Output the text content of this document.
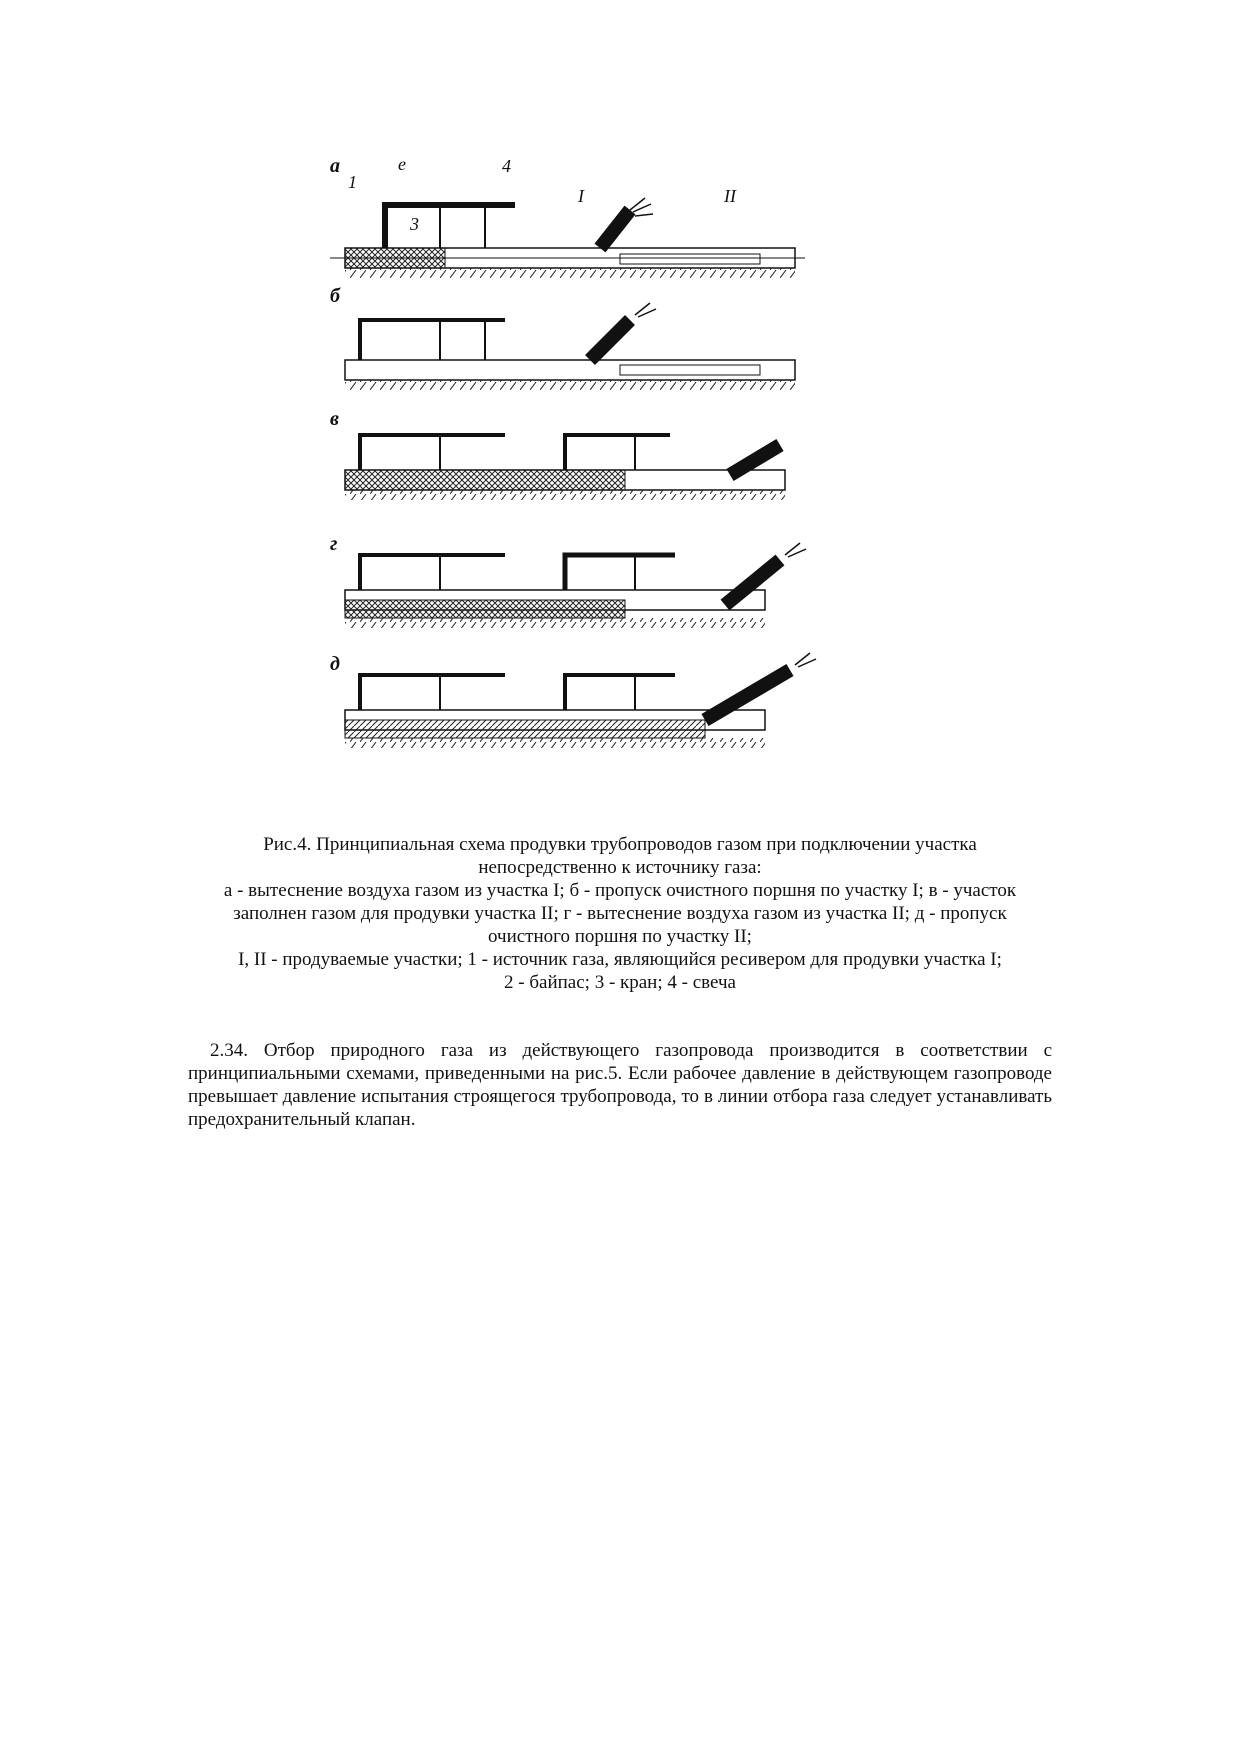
а
1
е
3
4
I	II
б
в
г
д
Рис.4. Принципиальная схема продувки трубопроводов газом при подключении участка
непосредственно к источнику газа:
а - вытеснение воздуха газом из участка I; б - пропуск очистного поршня по участку I; в - участок
заполнен газом для продувки участка II; г - вытеснение воздуха газом из участка II; д - пропуск
очистного поршня по участку II;
I, II - продуваемые участки; 1 - источник газа, являющийся ресивером для продувки участка I;
2 - байпас; 3 - кран; 4 - свеча

2.34. Отбор природного газа из действующего газопровода производится в соответствии с принципиальными схемами, приведенными на рис.5. Если рабочее давление в действующем газопроводе превышает давление испытания строящегося трубопровода, то в линии отбора газа следует устанавливать предохранительный клапан.
